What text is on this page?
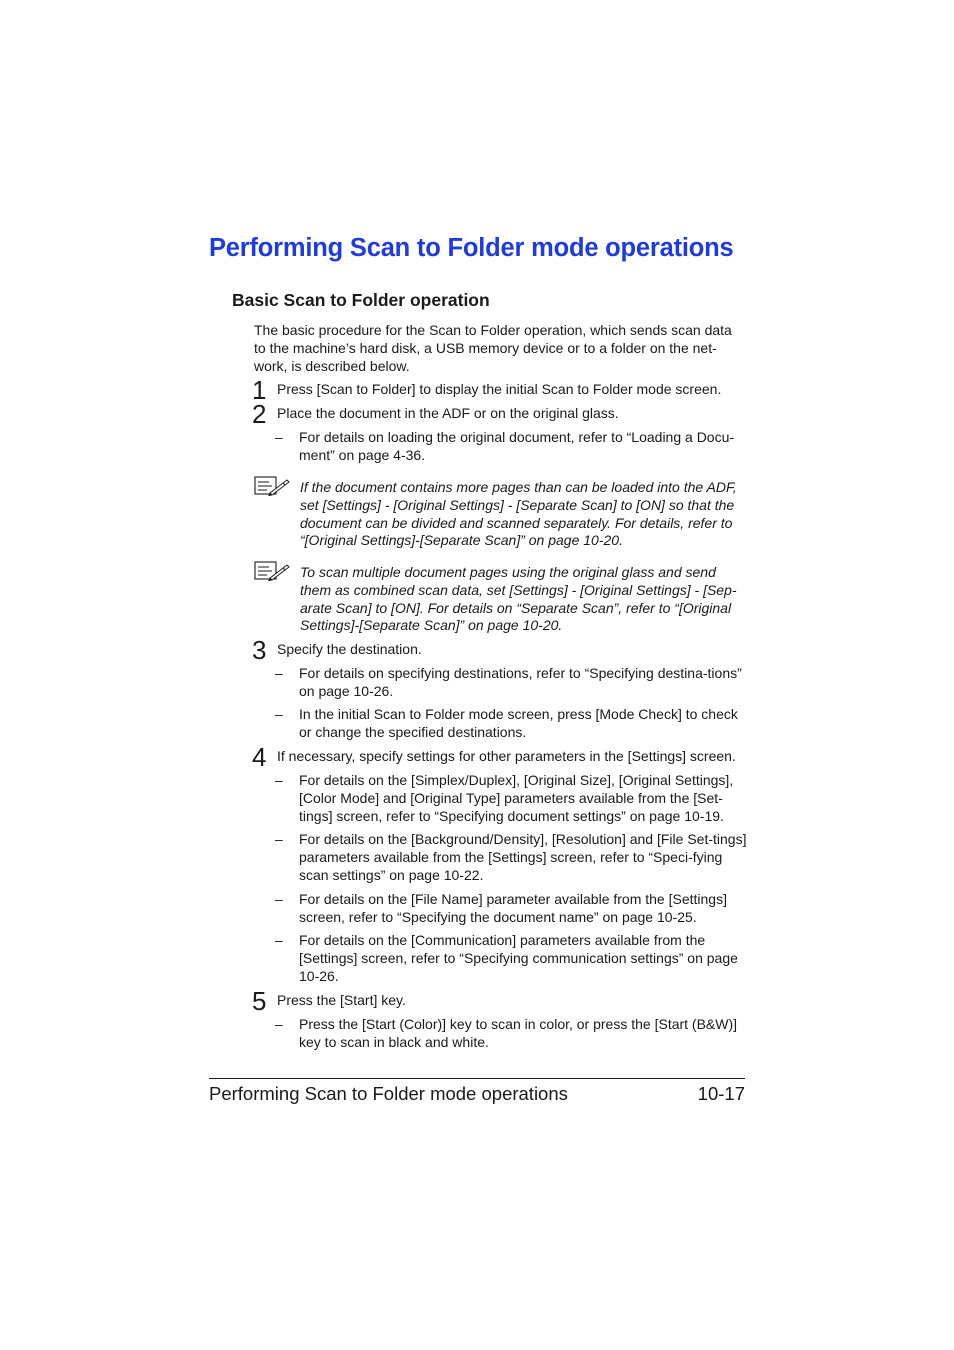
Performing Scan to Folder mode operations
Basic Scan to Folder operation
The basic procedure for the Scan to Folder operation, which sends scan data to the machine’s hard disk, a USB memory device or to a folder on the net-work, is described below.
1 Press [Scan to Folder] to display the initial Scan to Folder mode screen.
2 Place the document in the ADF or on the original glass.
–	For details on loading the original document, refer to “Loading a Docu-ment” on page 4-36.
If the document contains more pages than can be loaded into the ADF, set [Settings] - [Original Settings] - [Separate Scan] to [ON] so that the document can be divided and scanned separately. For details, refer to “[Original Settings]-[Separate Scan]” on page 10-20.
To scan multiple document pages using the original glass and send them as combined scan data, set [Settings] - [Original Settings] - [Sep-arate Scan] to [ON]. For details on “Separate Scan”, refer to “[Original Settings]-[Separate Scan]” on page 10-20.
3 Specify the destination.
–	For details on specifying destinations, refer to “Specifying destina-tions” on page 10-26.
–	In the initial Scan to Folder mode screen, press [Mode Check] to check or change the specified destinations.
4 If necessary, specify settings for other parameters in the [Settings] screen.
–	For details on the [Simplex/Duplex], [Original Size], [Original Settings], [Color Mode] and [Original Type] parameters available from the [Set-tings] screen, refer to “Specifying document settings” on page 10-19.
–	For details on the [Background/Density], [Resolution] and [File Set-tings] parameters available from the [Settings] screen, refer to “Speci-fying scan settings” on page 10-22.
–	For details on the [File Name] parameter available from the [Settings] screen, refer to “Specifying the document name” on page 10-25.
–	For details on the [Communication] parameters available from the [Settings] screen, refer to “Specifying communication settings” on page 10-26.
5 Press the [Start] key.
–	Press the [Start (Color)] key to scan in color, or press the [Start (B&W)] key to scan in black and white.
Performing Scan to Folder mode operations	10-17
